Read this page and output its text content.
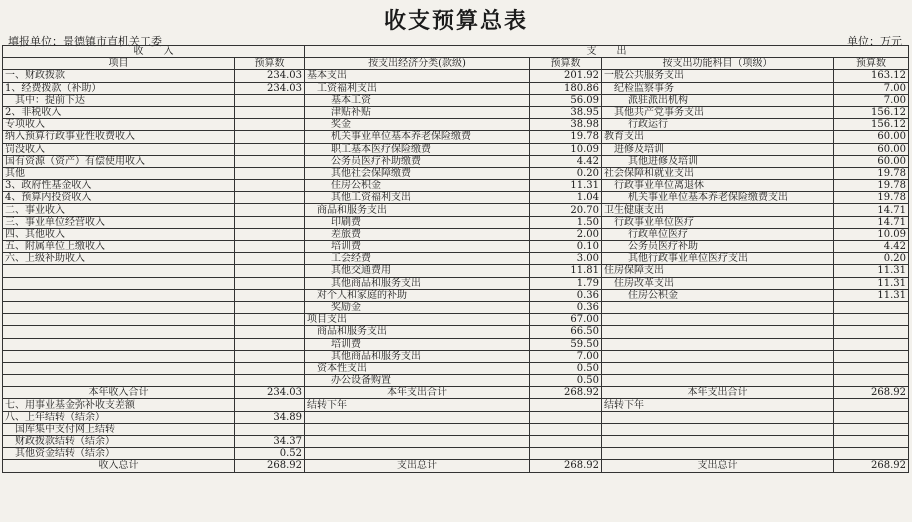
收支预算总表
填报单位：景德镇市直机关工委	单位：万元
收　　入		支　　出			
项目	预算数	按支出经济分类(款级)	预算数	按支出功能科目（项级）	预算数
一、财政拨款	234.03	基本支出	201.92	一般公共服务支出	163.12
1、经费拨款（补助）	234.03	工资福利支出	180.86	纪检监察事务	7.00
其中：提前下达		基本工资	56.09	派驻派出机构	7.00
2、非税收入		津贴补贴	38.95	其他共产党事务支出	156.12
专项收入		奖金	38.98	行政运行	156.12
纳入预算行政事业性收费收入		机关事业单位基本养老保险缴费	19.78	教育支出	60.00
罚没收入		职工基本医疗保险缴费	10.09	进修及培训	60.00
国有资源（资产）有偿使用收入		公务员医疗补助缴费	4.42	其他进修及培训	60.00
其他		其他社会保障缴费	0.20	社会保障和就业支出	19.78
3、政府性基金收入		住房公积金	11.31	行政事业单位离退休	19.78
4、预算内投资收入		其他工资福利支出	1.04	机关事业单位基本养老保险缴费支出	19.78
二、事业收入		商品和服务支出	20.70	卫生健康支出	14.71
三、事业单位经营收入		印刷费	1.50	行政事业单位医疗	14.71
四、其他收入		差旅费	2.00	行政单位医疗	10.09
五、附属单位上缴收入		培训费	0.10	公务员医疗补助	4.42
六、上级补助收入		工会经费	3.00	其他行政事业单位医疗支出	0.20
		其他交通费用	11.81	住房保障支出	11.31
		其他商品和服务支出	1.79	住房改革支出	11.31
		对个人和家庭的补助	0.36	住房公积金	11.31
		奖励金	0.36		
		项目支出	67.00		
		商品和服务支出	66.50		
		培训费	59.50		
		其他商品和服务支出	7.00		
		资本性支出	0.50		
		办公设备购置	0.50		
本年收入合计	234.03	本年支出合计	268.92	本年支出合计	268.92
七、用事业基金弥补收支差额		结转下年		结转下年	
八、上年结转（结余）	34.89				
国库集中支付网上结转					
财政拨款结转（结余）	34.37				
其他资金结转（结余）	0.52				
收入总计	268.92	支出总计	268.92	支出总计	268.92
